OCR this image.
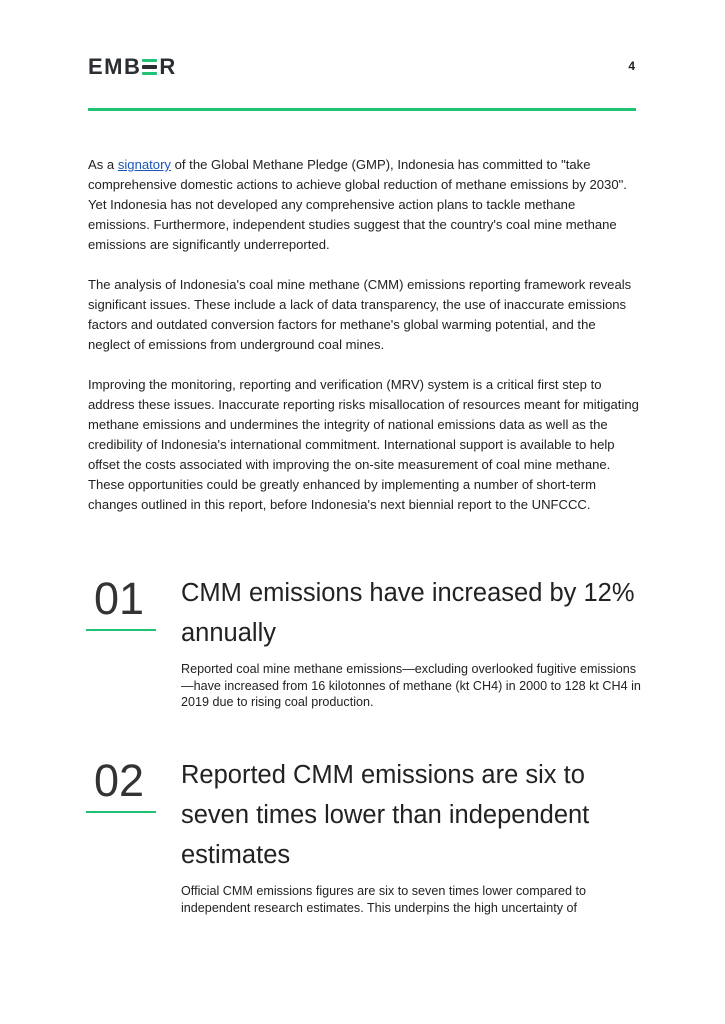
EMB R	4

As a signatory of the Global Methane Pledge (GMP), Indonesia has committed to "take comprehensive domestic actions to achieve global reduction of methane emissions by 2030". Yet Indonesia has not developed any comprehensive action plans to tackle methane emissions. Furthermore, independent studies suggest that the country's coal mine methane emissions are significantly underreported.

The analysis of Indonesia's coal mine methane (CMM) emissions reporting framework reveals significant issues. These include a lack of data transparency, the use of inaccurate emissions factors and outdated conversion factors for methane's global warming potential, and the neglect of emissions from underground coal mines.

Improving the monitoring, reporting and verification (MRV) system is a critical first step to address these issues. Inaccurate reporting risks misallocation of resources meant for mitigating methane emissions and undermines the integrity of national emissions data as well as the credibility of Indonesia's international commitment. International support is available to help offset the costs associated with improving the on-site measurement of coal mine methane. These opportunities could be greatly enhanced by implementing a number of short-term changes outlined in this report, before Indonesia's next biennial report to the UNFCCC.

01 CMM emissions have increased by 12% annually
Reported coal mine methane emissions—excluding overlooked fugitive emissions—have increased from 16 kilotonnes of methane (kt CH4) in 2000 to 128 kt CH4 in 2019 due to rising coal production.
02 Reported CMM emissions are six to seven times lower than independent estimates
Official CMM emissions figures are six to seven times lower compared to independent research estimates. This underpins the high uncertainty of
